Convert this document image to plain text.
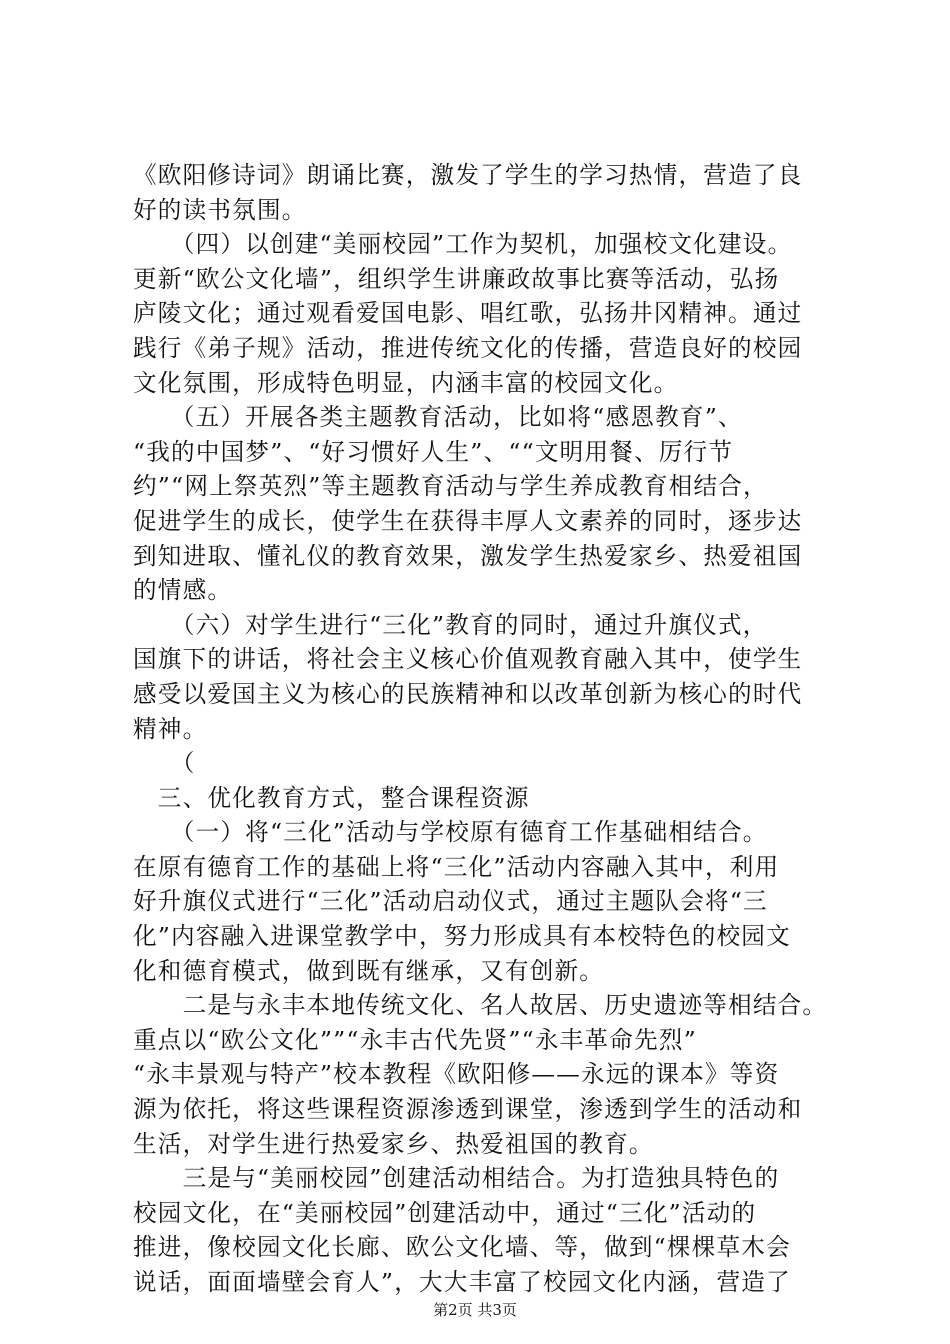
《欧阳修诗词》朗诵比赛，激发了学生的学习热情，营造了良
好的读书氛围。
　　（四）以创建“美丽校园”工作为契机，加强校文化建设。
更新“欧公文化墙”，组织学生讲廉政故事比赛等活动，弘扬
庐陵文化；通过观看爱国电影、唱红歌，弘扬井冈精神。通过
践行《弟子规》活动，推进传统文化的传播，营造良好的校园
文化氛围，形成特色明显，内涵丰富的校园文化。
　　（五）开展各类主题教育活动，比如将“感恩教育”、
“我的中国梦”、“好习惯好人生”、““文明用餐、厉行节
约”“网上祭英烈”等主题教育活动与学生养成教育相结合，
促进学生的成长，使学生在获得丰厚人文素养的同时，逐步达
到知进取、懂礼仪的教育效果，激发学生热爱家乡、热爱祖国
的情感。
　　（六）对学生进行“三化”教育的同时，通过升旗仪式，
国旗下的讲话，将社会主义核心价值观教育融入其中，使学生
感受以爱国主义为核心的民族精神和以改革创新为核心的时代
精神。
　　（
　三、优化教育方式，整合课程资源
　　（一）将“三化”活动与学校原有德育工作基础相结合。
在原有德育工作的基础上将“三化”活动内容融入其中，利用
好升旗仪式进行“三化”活动启动仪式，通过主题队会将“三
化”内容融入进课堂教学中，努力形成具有本校特色的校园文
化和德育模式，做到既有继承，又有创新。
　　二是与永丰本地传统文化、名人故居、历史遗迹等相结合。
重点以“欧公文化””“永丰古代先贤”“永丰革命先烈”
“永丰景观与特产”校本教程《欧阳修——永远的课本》等资
源为依托，将这些课程资源渗透到课堂，渗透到学生的活动和
生活，对学生进行热爱家乡、热爱祖国的教育。
　　三是与“美丽校园”创建活动相结合。为打造独具特色的
校园文化，在“美丽校园”创建活动中，通过“三化”活动的
推进，像校园文化长廊、欧公文化墙、等，做到“棵棵草木会
说话，面面墙壁会育人”，大大丰富了校园文化内涵，营造了
第2页 共3页
